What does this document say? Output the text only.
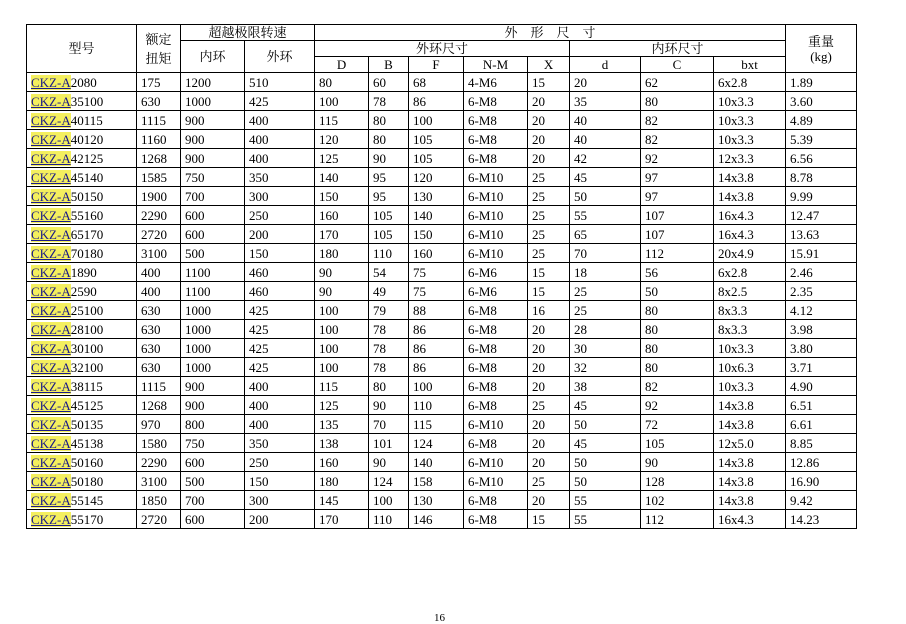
型号	额定扭矩	超越极限转速		外　形　尺　寸								重量
(kg)

		内环	外环	外环尺寸					内环尺寸			
				D	B	F	N-M	X	d	C	bxt	
CKZ-A2080	175	1200	510	80	60	68	4-M6	15	20	62	6x2.8	1.89
CKZ-A35100	630	1000	425	100	78	86	6-M8	20	35	80	10x3.3	3.60
CKZ-A40115	1115	900	400	115	80	100	6-M8	20	40	82	10x3.3	4.89
CKZ-A40120	1160	900	400	120	80	105	6-M8	20	40	82	10x3.3	5.39
CKZ-A42125	1268	900	400	125	90	105	6-M8	20	42	92	12x3.3	6.56
CKZ-A45140	1585	750	350	140	95	120	6-M10	25	45	97	14x3.8	8.78
CKZ-A50150	1900	700	300	150	95	130	6-M10	25	50	97	14x3.8	9.99
CKZ-A55160	2290	600	250	160	105	140	6-M10	25	55	107	16x4.3	12.47
CKZ-A65170	2720	600	200	170	105	150	6-M10	25	65	107	16x4.3	13.63
CKZ-A70180	3100	500	150	180	110	160	6-M10	25	70	112	20x4.9	15.91
CKZ-A1890	400	1100	460	90	54	75	6-M6	15	18	56	6x2.8	2.46
CKZ-A2590	400	1100	460	90	49	75	6-M6	15	25	50	8x2.5	2.35
CKZ-A25100	630	1000	425	100	79	88	6-M8	16	25	80	8x3.3	4.12
CKZ-A28100	630	1000	425	100	78	86	6-M8	20	28	80	8x3.3	3.98
CKZ-A30100	630	1000	425	100	78	86	6-M8	20	30	80	10x3.3	3.80
CKZ-A32100	630	1000	425	100	78	86	6-M8	20	32	80	10x6.3	3.71
CKZ-A38115	1115	900	400	115	80	100	6-M8	20	38	82	10x3.3	4.90
CKZ-A45125	1268	900	400	125	90	110	6-M8	25	45	92	14x3.8	6.51
CKZ-A50135	970	800	400	135	70	115	6-M10	20	50	72	14x3.8	6.61
CKZ-A45138	1580	750	350	138	101	124	6-M8	20	45	105	12x5.0	8.85
CKZ-A50160	2290	600	250	160	90	140	6-M10	20	50	90	14x3.8	12.86
CKZ-A50180	3100	500	150	180	124	158	6-M10	25	50	128	14x3.8	16.90
CKZ-A55145	1850	700	300	145	100	130	6-M8	20	55	102	14x3.8	9.42
CKZ-A55170	2720	600	200	170	110	146	6-M8	15	55	112	16x4.3	14.23
16
